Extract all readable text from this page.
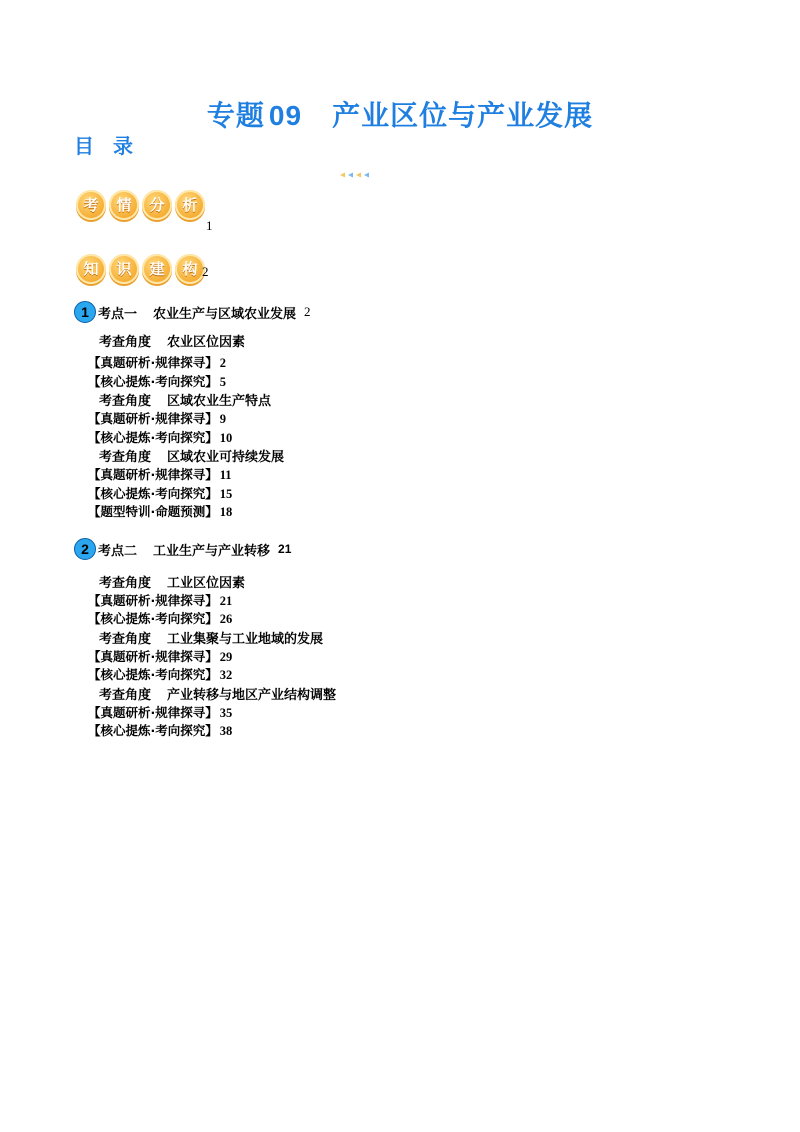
专题 09 产业区位与产业发展
目 录
考	情	分	析
1
知	识	建	构 2
1 考点一 农业生产与区域农业发展 2
考查角度 农业区位因素
【真题研析·规律探寻】 2
【核心提炼·考向探究】 5
考查角度 区域农业生产特点
【真题研析·规律探寻】 9
【核心提炼·考向探究】 10
考查角度 区域农业可持续发展
【真题研析·规律探寻】 11
【核心提炼·考向探究】 15
【题型特训·命题预测】 18
2 考点二 工业生产与产业转移 21
考查角度 工业区位因素
【真题研析·规律探寻】 21
【核心提炼·考向探究】 26
考查角度 工业集聚与工业地域的发展
【真题研析·规律探寻】 29
【核心提炼·考向探究】 32
考查角度 产业转移与地区产业结构调整
【真题研析·规律探寻】 35
【核心提炼·考向探究】 38
